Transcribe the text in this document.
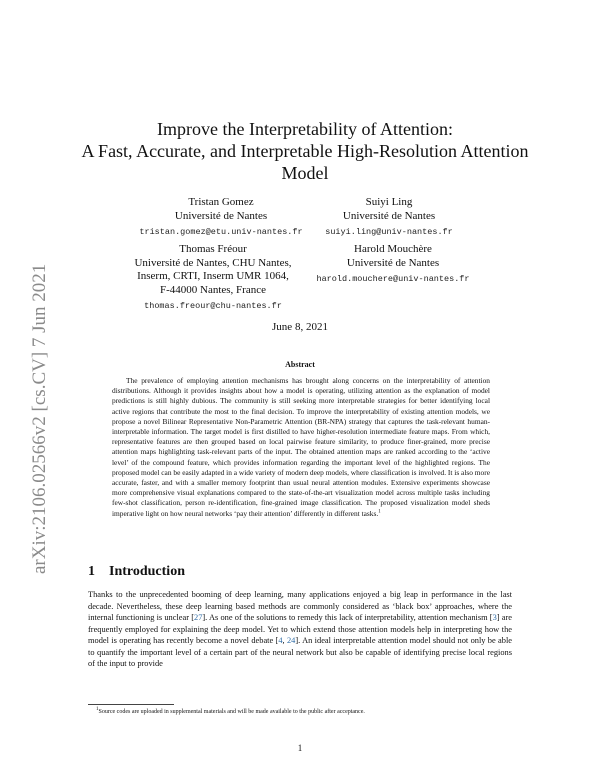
arXiv:2106.02566v2 [cs.CV] 7 Jun 2021
Improve the Interpretability of Attention:
A Fast, Accurate, and Interpretable High-Resolution Attention
Model
Tristan Gomez
Université de Nantes
tristan.gomez@etu.univ-nantes.fr
Suiyi Ling
Université de Nantes
suiyi.ling@univ-nantes.fr
Thomas Fréour
Université de Nantes, CHU Nantes,
Inserm, CRTI, Inserm UMR 1064,
F-44000 Nantes, France
thomas.freour@chu-nantes.fr
Harold Mouchère
Université de Nantes
harold.mouchere@univ-nantes.fr
June 8, 2021
Abstract
The prevalence of employing attention mechanisms has brought along concerns on the interpretability of attention distributions. Although it provides insights about how a model is operating, utilizing attention as the explanation of model predictions is still highly dubious. The community is still seeking more interpretable strategies for better identifying local active regions that contribute the most to the final decision. To improve the interpretability of existing attention models, we propose a novel Bilinear Representative Non-Parametric Attention (BR-NPA) strategy that captures the task-relevant human-interpretable information. The target model is first distilled to have higher-resolution intermediate feature maps. From which, representative features are then grouped based on local pairwise feature similarity, to produce finer-grained, more precise attention maps highlighting task-relevant parts of the input. The obtained attention maps are ranked according to the ‘active level’ of the compound feature, which provides information regarding the important level of the highlighted regions. The proposed model can be easily adapted in a wide variety of modern deep models, where classification is involved. It is also more accurate, faster, and with a smaller memory footprint than usual neural attention modules. Extensive experiments showcase more comprehensive visual explanations compared to the state-of-the-art visualization model across multiple tasks including few-shot classification, person re-identification, fine-grained image classification. The proposed visualization model sheds imperative light on how neural networks ‘pay their attention’ differently in different tasks.$^1$
1 Introduction
Thanks to the unprecedented booming of deep learning, many applications enjoyed a big leap in performance in the last decade. Nevertheless, these deep learning based methods are commonly considered as ‘black box’ approaches, where the internal functioning is unclear [27]. As one of the solutions to remedy this lack of interpretability, attention mechanism [3] are frequently employed for explaining the deep model. Yet to which extend those attention models help in interpreting how the model is operating has recently become a novel debate [4, 24]. An ideal interpretable attention model should not only be able to quantify the important level of a certain part of the neural network but also be capable of identifying precise local regions of the input to provide
$^1$Source codes are uploaded in supplemental materials and will be made available to the public after acceptance.
1
